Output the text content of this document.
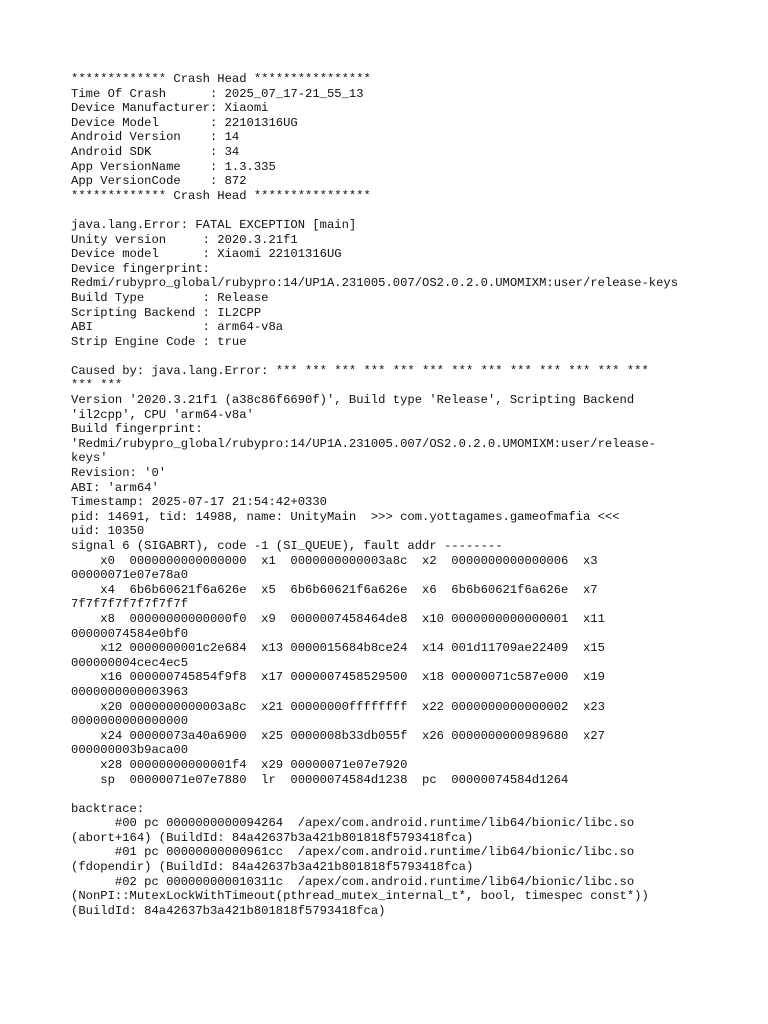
************* Crash Head ****************
Time Of Crash      : 2025_07_17-21_55_13
Device Manufacturer: Xiaomi
Device Model       : 22101316UG
Android Version    : 14
Android SDK        : 34
App VersionName    : 1.3.335
App VersionCode    : 872
************* Crash Head ****************
java.lang.Error: FATAL EXCEPTION [main]
Unity version     : 2020.3.21f1
Device model      : Xiaomi 22101316UG
Device fingerprint:
Redmi/rubypro_global/rubypro:14/UP1A.231005.007/OS2.0.2.0.UMOMIXM:user/release-keys
Build Type        : Release
Scripting Backend : IL2CPP
ABI               : arm64-v8a
Strip Engine Code : true
Caused by: java.lang.Error: *** *** *** *** *** *** *** *** *** *** *** *** ***
*** ***
Version '2020.3.21f1 (a38c86f6690f)', Build type 'Release', Scripting Backend
'il2cpp', CPU 'arm64-v8a'
Build fingerprint:
'Redmi/rubypro_global/rubypro:14/UP1A.231005.007/OS2.0.2.0.UMOMIXM:user/release-
keys'
Revision: '0'
ABI: 'arm64'
Timestamp: 2025-07-17 21:54:42+0330
pid: 14691, tid: 14988, name: UnityMain  >>> com.yottagames.gameofmafia <<<
uid: 10350
signal 6 (SIGABRT), code -1 (SI_QUEUE), fault addr --------
x0  0000000000000000  x1  0000000000003a8c  x2  0000000000000006  x3
00000071e07e78a0
x4  6b6b60621f6a626e  x5  6b6b60621f6a626e  x6  6b6b60621f6a626e  x7
7f7f7f7f7f7f7f7f
x8  00000000000000f0  x9  0000007458464de8  x10 0000000000000001  x11
00000074584e0bf0
x12 0000000001c2e684  x13 0000015684b8ce24  x14 001d11709ae22409  x15
000000004cec4ec5
x16 000000745854f9f8  x17 0000007458529500  x18 00000071c587e000  x19
0000000000003963
x20 0000000000003a8c  x21 00000000ffffffff  x22 0000000000000002  x23
0000000000000000
x24 00000073a40a6900  x25 0000008b33db055f  x26 0000000000989680  x27
000000003b9aca00
x28 00000000000001f4  x29 00000071e07e7920
sp  00000071e07e7880  lr  00000074584d1238  pc  00000074584d1264
backtrace:
#00 pc 0000000000094264  /apex/com.android.runtime/lib64/bionic/libc.so
(abort+164) (BuildId: 84a42637b3a421b801818f5793418fca)
#01 pc 00000000000961cc  /apex/com.android.runtime/lib64/bionic/libc.so
(fdopendir) (BuildId: 84a42637b3a421b801818f5793418fca)
#02 pc 000000000010311c  /apex/com.android.runtime/lib64/bionic/libc.so
(NonPI::MutexLockWithTimeout(pthread_mutex_internal_t*, bool, timespec const*))
(BuildId: 84a42637b3a421b801818f5793418fca)
